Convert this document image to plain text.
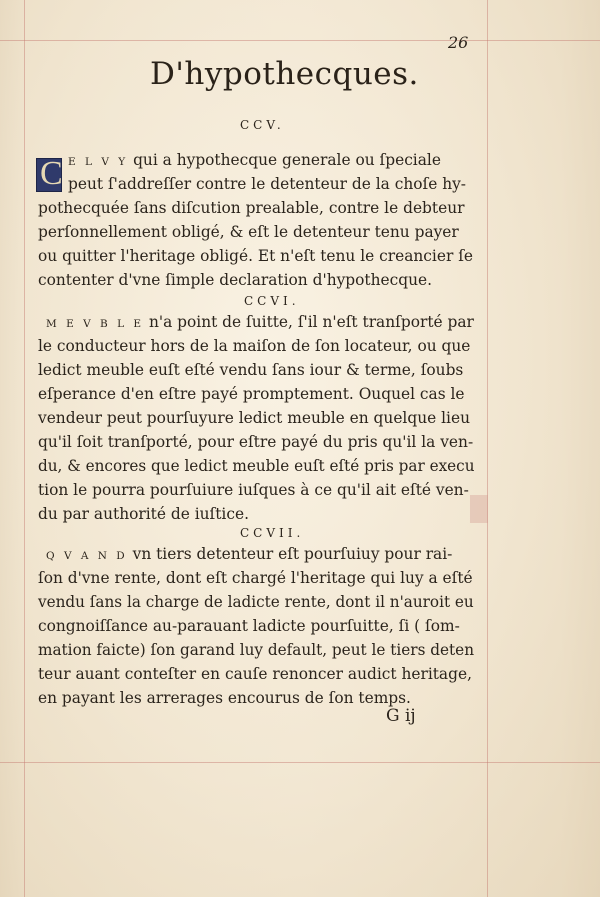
26
D'hypothecques.
CCV.
C E L V Y qui a hypothecque generale ou ſpeciale
peut ſ'addreſſer contre le detenteur de la choſe hy-
pothecquée ſans diſcution prealable, contre le debteur
perſonnellement obligé, & eſt le detenteur tenu payer
ou quitter l'heritage obligé. Et n'eſt tenu le creancier ſe
contenter d'vne ſimple declaration d'hypothecque.
CCVI.
M E V B L E n'a point de ſuitte, ſ'il n'eſt tranſporté par
le conducteur hors de la maiſon de ſon locateur, ou que
ledict meuble euſt eſté vendu ſans iour & terme, ſoubs
eſperance d'en eſtre payé promptement. Ouquel cas le
vendeur peut pourſuyure ledict meuble en quelque lieu
qu'il ſoit tranſporté, pour eſtre payé du pris qu'il la ven-
du, & encores que ledict meuble euſt eſté pris par execu
tion le pourra pourſuiure iuſques à ce qu'il ait eſté ven-
du par authorité de iuſtice.
CCVII.
Q V A N D vn tiers detenteur eſt pourſuiuy pour rai-
ſon d'vne rente, dont eſt chargé l'heritage qui luy a eſté
vendu ſans la charge de ladicte rente, dont il n'auroit eu
congnoiſſance au-parauant ladicte pourſuitte, ſi ( ſom-
mation faicte) ſon garand luy default, peut le tiers deten
teur auant conteſter en cauſe renoncer audict heritage,
en payant les arrerages encourus de ſon temps.
G ij
